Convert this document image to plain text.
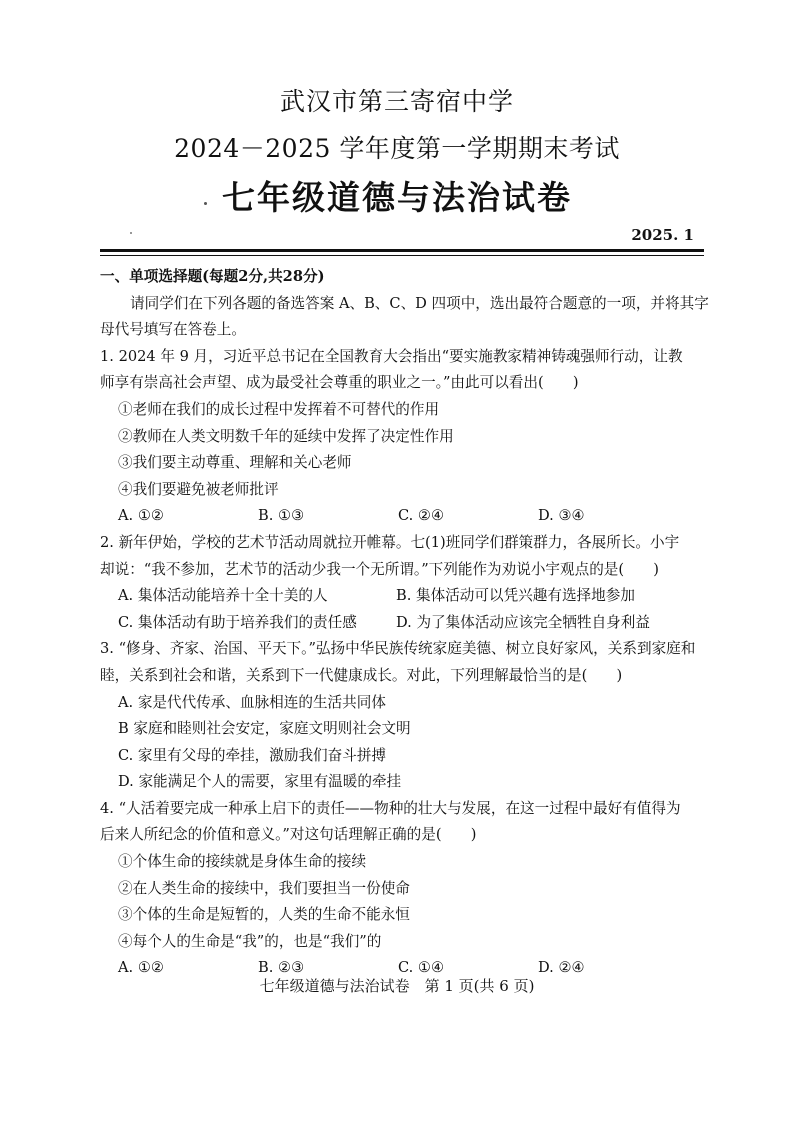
武汉市第三寄宿中学
2024－2025 学年度第一学期期末考试
七年级道德与法治试卷
2025. 1
一、单项选择题(每题2分,共28分)
请同学们在下列各题的备选答案 A、B、C、D 四项中，选出最符合题意的一项，并将其字
母代号填写在答卷上。
1. 2024 年 9 月，习近平总书记在全国教育大会指出“要实施教家精神铸魂强师行动，让教
师享有崇高社会声望、成为最受社会尊重的职业之一。”由此可以看出(　　)
①老师在我们的成长过程中发挥着不可替代的作用
②教师在人类文明数千年的延续中发挥了决定性作用
③我们要主动尊重、理解和关心老师
④我们要避免被老师批评
A. ①②	B. ①③	C. ②④	D. ③④
2. 新年伊始，学校的艺术节活动周就拉开帷幕。七(1)班同学们群策群力，各展所长。小宇
却说：“我不参加，艺术节的活动少我一个无所谓。”下列能作为劝说小宇观点的是(　　)
A. 集体活动能培养十全十美的人	B. 集体活动可以凭兴趣有选择地参加
C. 集体活动有助于培养我们的责任感	D. 为了集体活动应该完全牺牲自身利益
3. “修身、齐家、治国、平天下。”弘扬中华民族传统家庭美德、树立良好家风，关系到家庭和
睦，关系到社会和谐，关系到下一代健康成长。对此，下列理解最恰当的是(　　)
A. 家是代代传承、血脉相连的生活共同体
B 家庭和睦则社会安定，家庭文明则社会文明
C. 家里有父母的牵挂，激励我们奋斗拼搏
D. 家能满足个人的需要，家里有温暖的牵挂
4. “人活着要完成一种承上启下的责任——物种的壮大与发展，在这一过程中最好有值得为
后来人所纪念的价值和意义。”对这句话理解正确的是(　　)
①个体生命的接续就是身体生命的接续
②在人类生命的接续中，我们要担当一份使命
③个体的生命是短暂的，人类的生命不能永恒
④每个人的生命是“我”的，也是“我们”的
A. ①②	B. ②③	C. ①④	D. ②④
七年级道德与法治试卷　第 1 页(共 6 页)
